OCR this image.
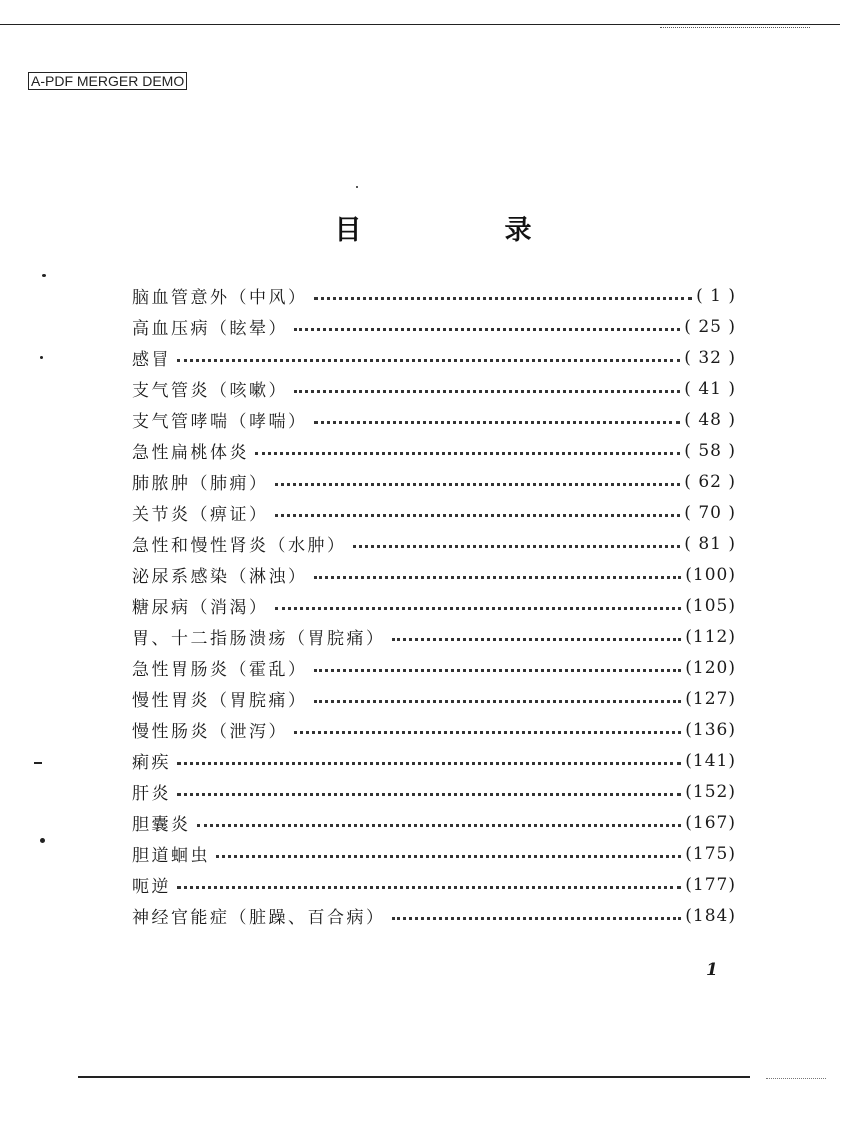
A-PDF MERGER DEMO
目　录
脑血管意外（中风）	( 1 )
高血压病（眩晕）	( 25 )
感冒	( 32 )
支气管炎（咳嗽）	( 41 )
支气管哮喘（哮喘）	( 48 )
急性扁桃体炎	( 58 )
肺脓肿（肺痈）	( 62 )
关节炎（痹证）	( 70 )
急性和慢性肾炎（水肿）	( 81 )
泌尿系感染（淋浊）	(100)
糖尿病（消渴）	(105)
胃、十二指肠溃疡（胃脘痛）	(112)
急性胃肠炎（霍乱）	(120)
慢性胃炎（胃脘痛）	(127)
慢性肠炎（泄泻）	(136)
痢疾	(141)
肝炎	(152)
胆囊炎	(167)
胆道蛔虫	(175)
呃逆	(177)
神经官能症（脏躁、百合病）	(184)
1
